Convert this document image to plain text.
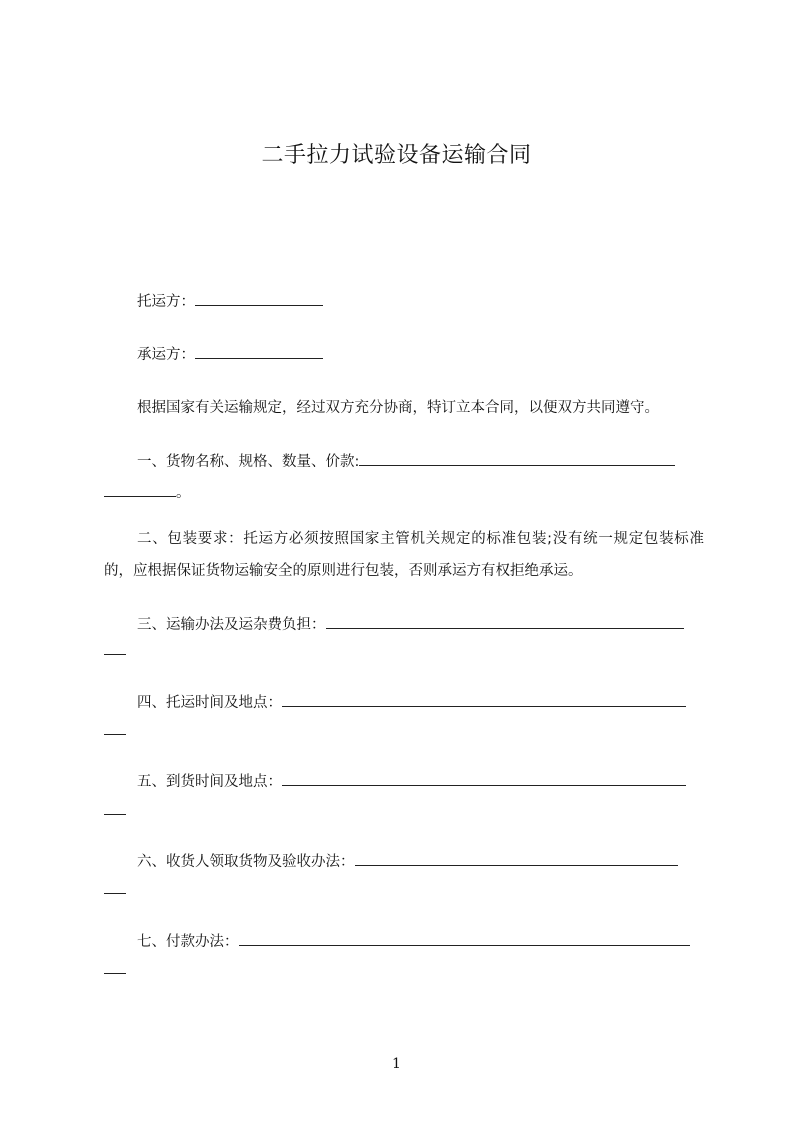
二手拉力试验设备运输合同
托运方：
承运方：
根据国家有关运输规定，经过双方充分协商，特订立本合同，以便双方共同遵守。
一、货物名称、规格、数量、价款:
。
二、包装要求：托运方必须按照国家主管机关规定的标准包装;没有统一规定包装标准的，应根据保证货物运输安全的原则进行包装，否则承运方有权拒绝承运。
三、运输办法及运杂费负担：
四、托运时间及地点：
五、到货时间及地点：
六、收货人领取货物及验收办法：
七、付款办法：
1
